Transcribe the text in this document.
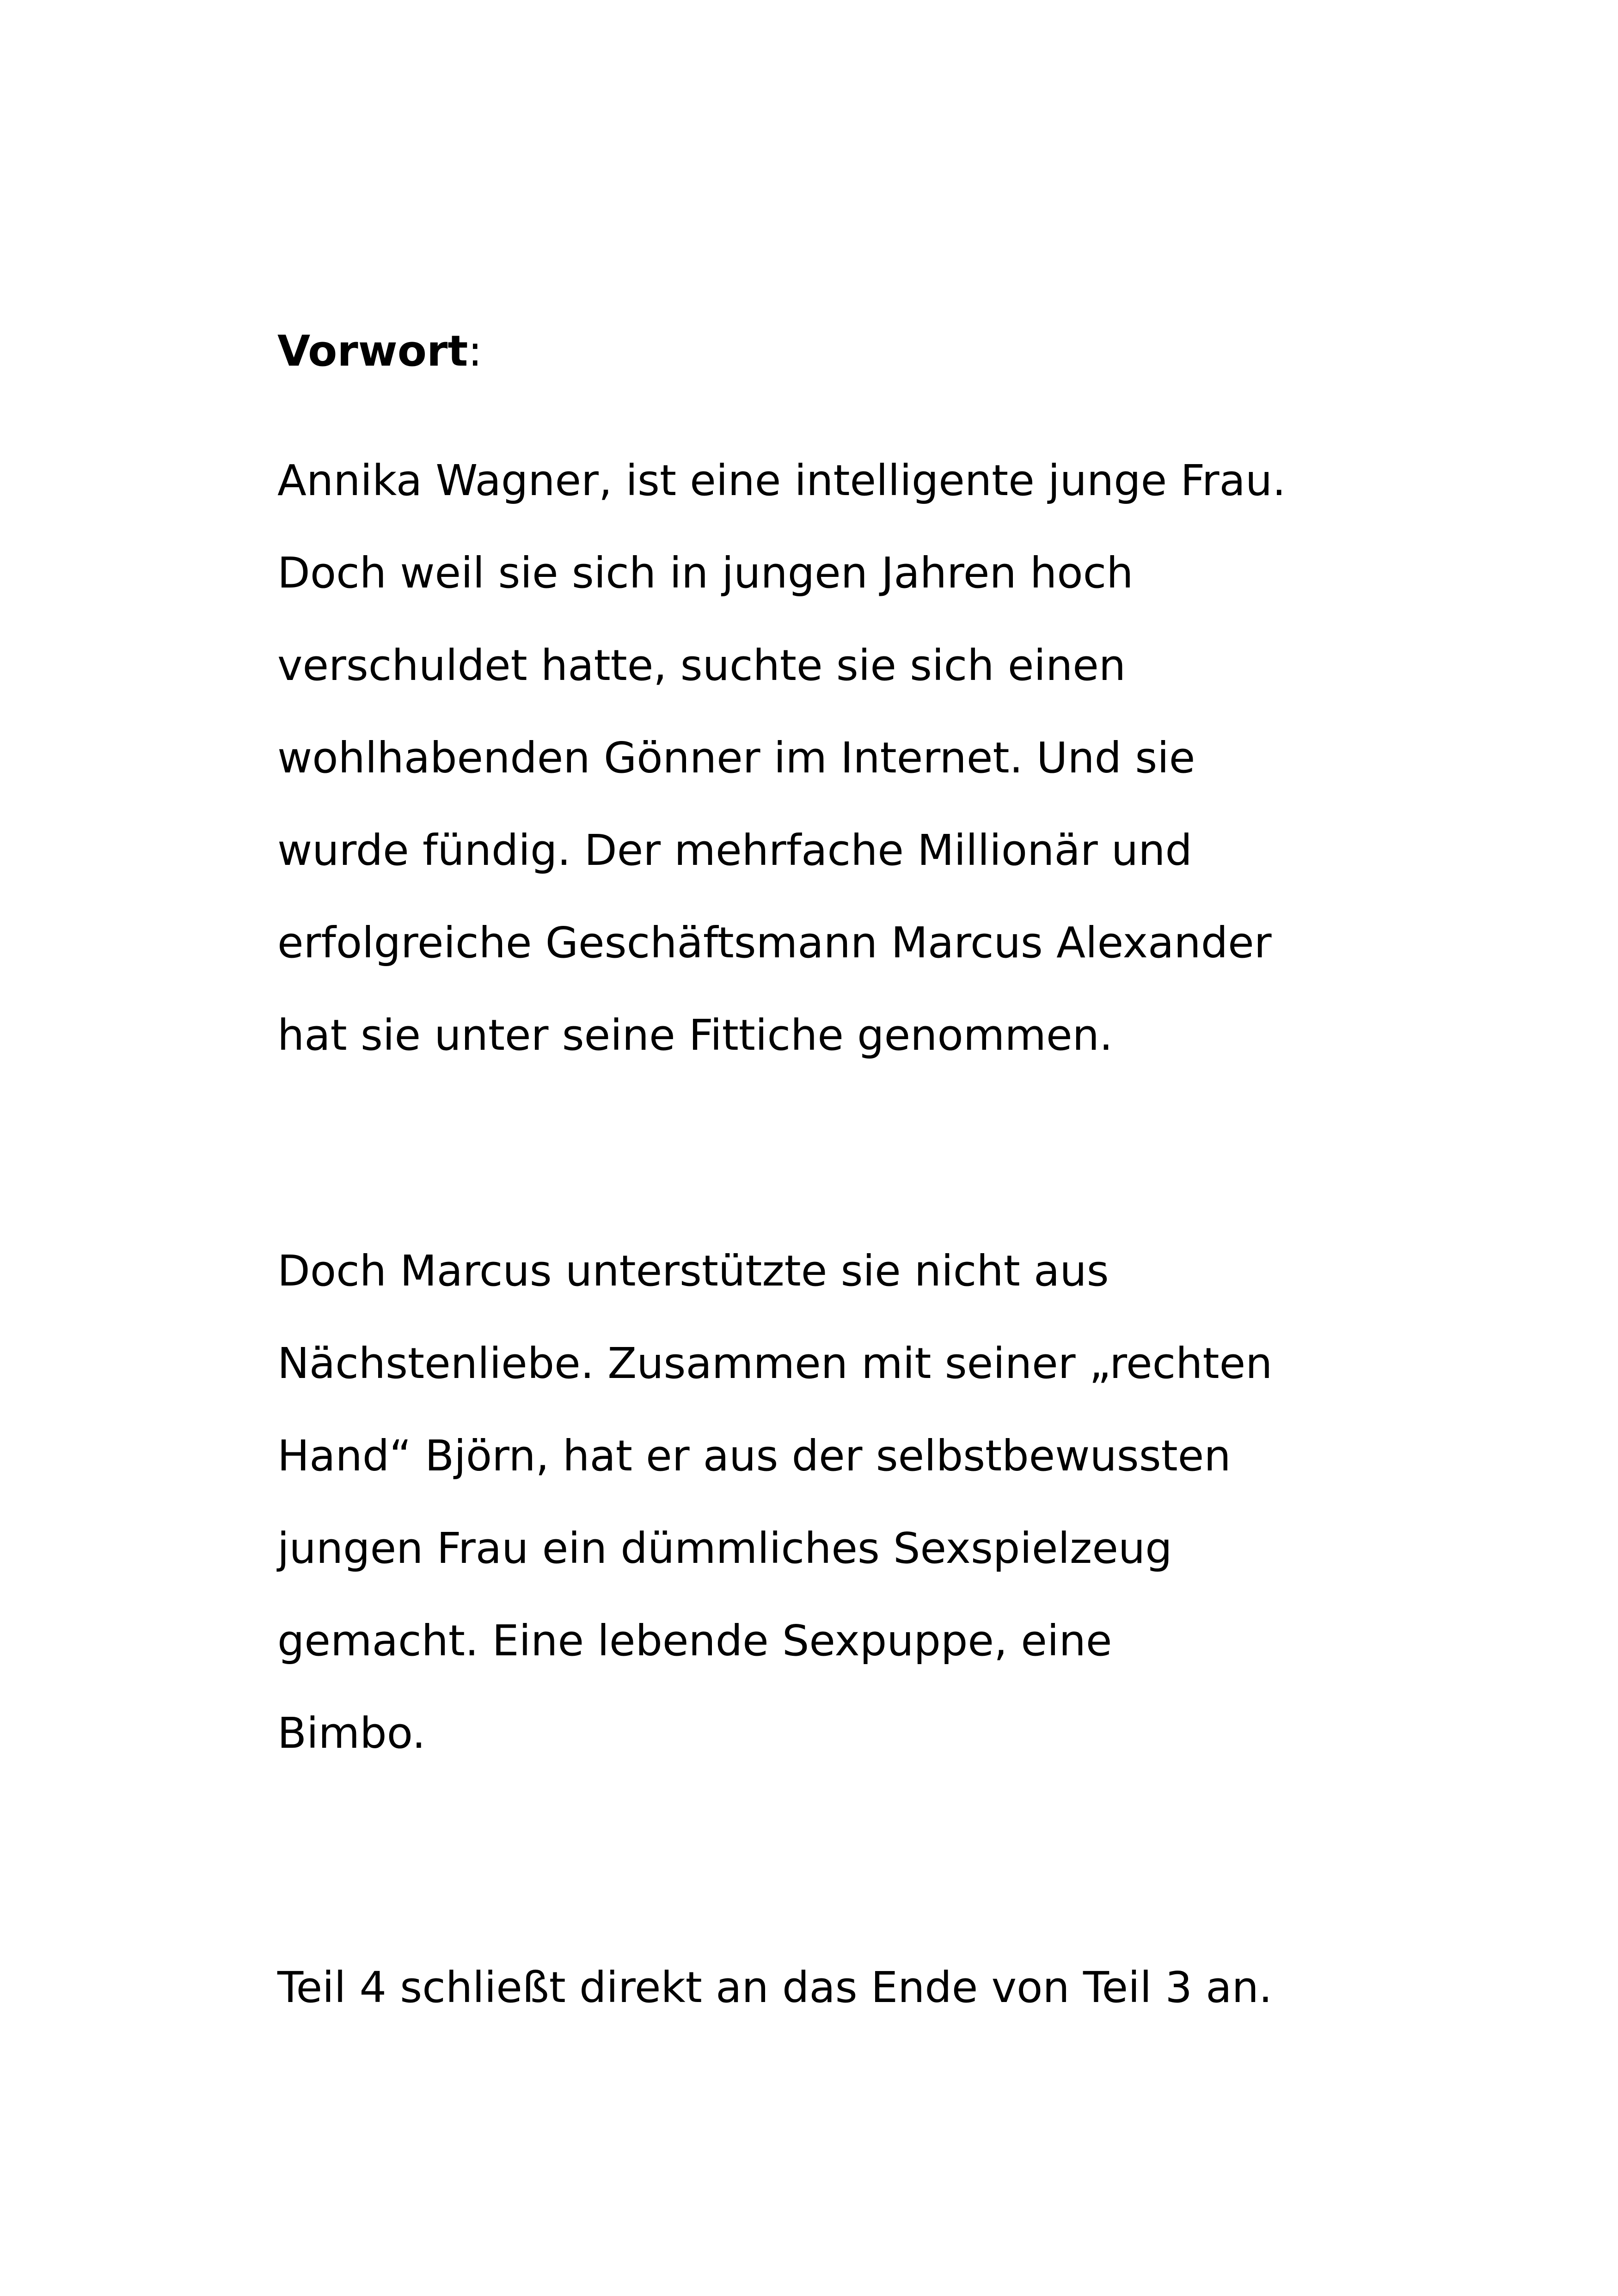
Vorwort:

Annika Wagner, ist eine intelligente junge Frau.
Doch weil sie sich in jungen Jahren hoch
verschuldet hatte, suchte sie sich einen
wohlhabenden Gönner im Internet. Und sie
wurde fündig. Der mehrfache Millionär und
erfolgreiche Geschäftsmann Marcus Alexander
hat sie unter seine Fittiche genommen.

Doch Marcus unterstützte sie nicht aus
Nächstenliebe. Zusammen mit seiner „rechten
Hand“ Björn, hat er aus der selbstbewussten
jungen Frau ein dümmliches Sexspielzeug
gemacht. Eine lebende Sexpuppe, eine
Bimbo.

Teil 4 schließt direkt an das Ende von Teil 3 an.
